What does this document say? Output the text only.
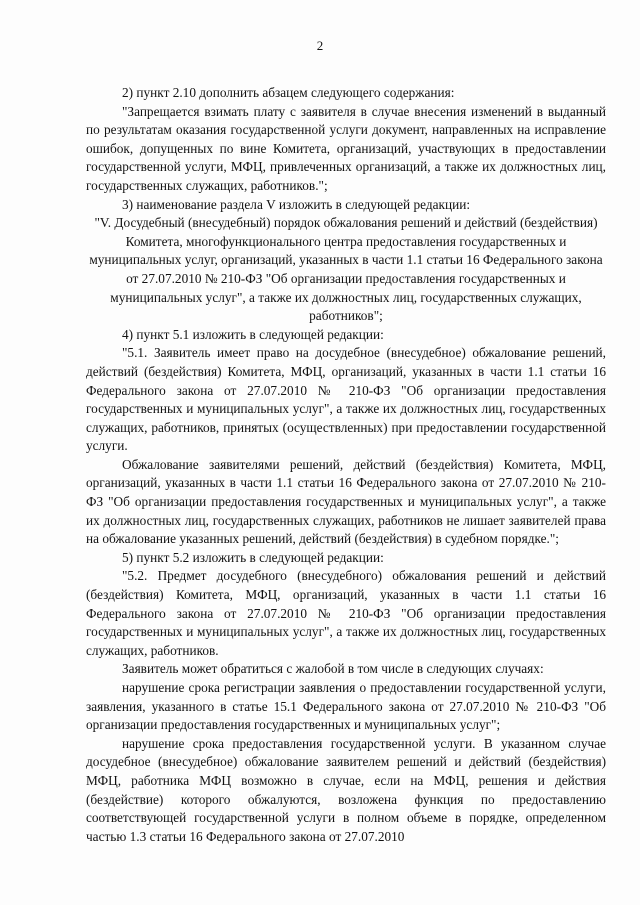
2

2) пункт 2.10 дополнить абзацем следующего содержания:

"Запрещается взимать плату с заявителя в случае внесения изменений в выданный по результатам оказания государственной услуги документ, направленных на исправление ошибок, допущенных по вине Комитета, организаций, участвующих в предоставлении государственной услуги, МФЦ, привлеченных организаций, а также их должностных лиц, государственных служащих, работников.";

3) наименование раздела V изложить в следующей редакции:

"V. Досудебный (внесудебный) порядок обжалования решений и действий (бездействия) Комитета, многофункционального центра предоставления государственных и муниципальных услуг, организаций, указанных в части 1.1 статьи 16 Федерального закона от 27.07.2010 № 210-ФЗ "Об организации предоставления государственных и муниципальных услуг", а также их должностных лиц, государственных служащих, работников";

4) пункт 5.1 изложить в следующей редакции:

"5.1. Заявитель имеет право на досудебное (внесудебное) обжалование решений, действий (бездействия) Комитета, МФЦ, организаций, указанных в части 1.1 статьи 16 Федерального закона от 27.07.2010 № 210-ФЗ "Об организации предоставления государственных и муниципальных услуг", а также их должностных лиц, государственных служащих, работников, принятых (осуществленных) при предоставлении государственной услуги.

Обжалование заявителями решений, действий (бездействия) Комитета, МФЦ, организаций, указанных в части 1.1 статьи 16 Федерального закона от 27.07.2010 № 210-ФЗ "Об организации предоставления государственных и муниципальных услуг", а также их должностных лиц, государственных служащих, работников не лишает заявителей права на обжалование указанных решений, действий (бездействия) в судебном порядке.";

5) пункт 5.2 изложить в следующей редакции:

"5.2. Предмет досудебного (внесудебного) обжалования решений и действий (бездействия) Комитета, МФЦ, организаций, указанных в части 1.1 статьи 16 Федерального закона от 27.07.2010 № 210-ФЗ "Об организации предоставления государственных и муниципальных услуг", а также их должностных лиц, государственных служащих, работников.

Заявитель может обратиться с жалобой в том числе в следующих случаях:

нарушение срока регистрации заявления о предоставлении государственной услуги, заявления, указанного в статье 15.1 Федерального закона от 27.07.2010 № 210-ФЗ "Об организации предоставления государственных и муниципальных услуг";

нарушение срока предоставления государственной услуги. В указанном случае досудебное (внесудебное) обжалование заявителем решений и действий (бездействия) МФЦ, работника МФЦ возможно в случае, если на МФЦ, решения и действия (бездействие) которого обжалуются, возложена функция по предоставлению соответствующей государственной услуги в полном объеме в порядке, определенном частью 1.3 статьи 16 Федерального закона от 27.07.2010
